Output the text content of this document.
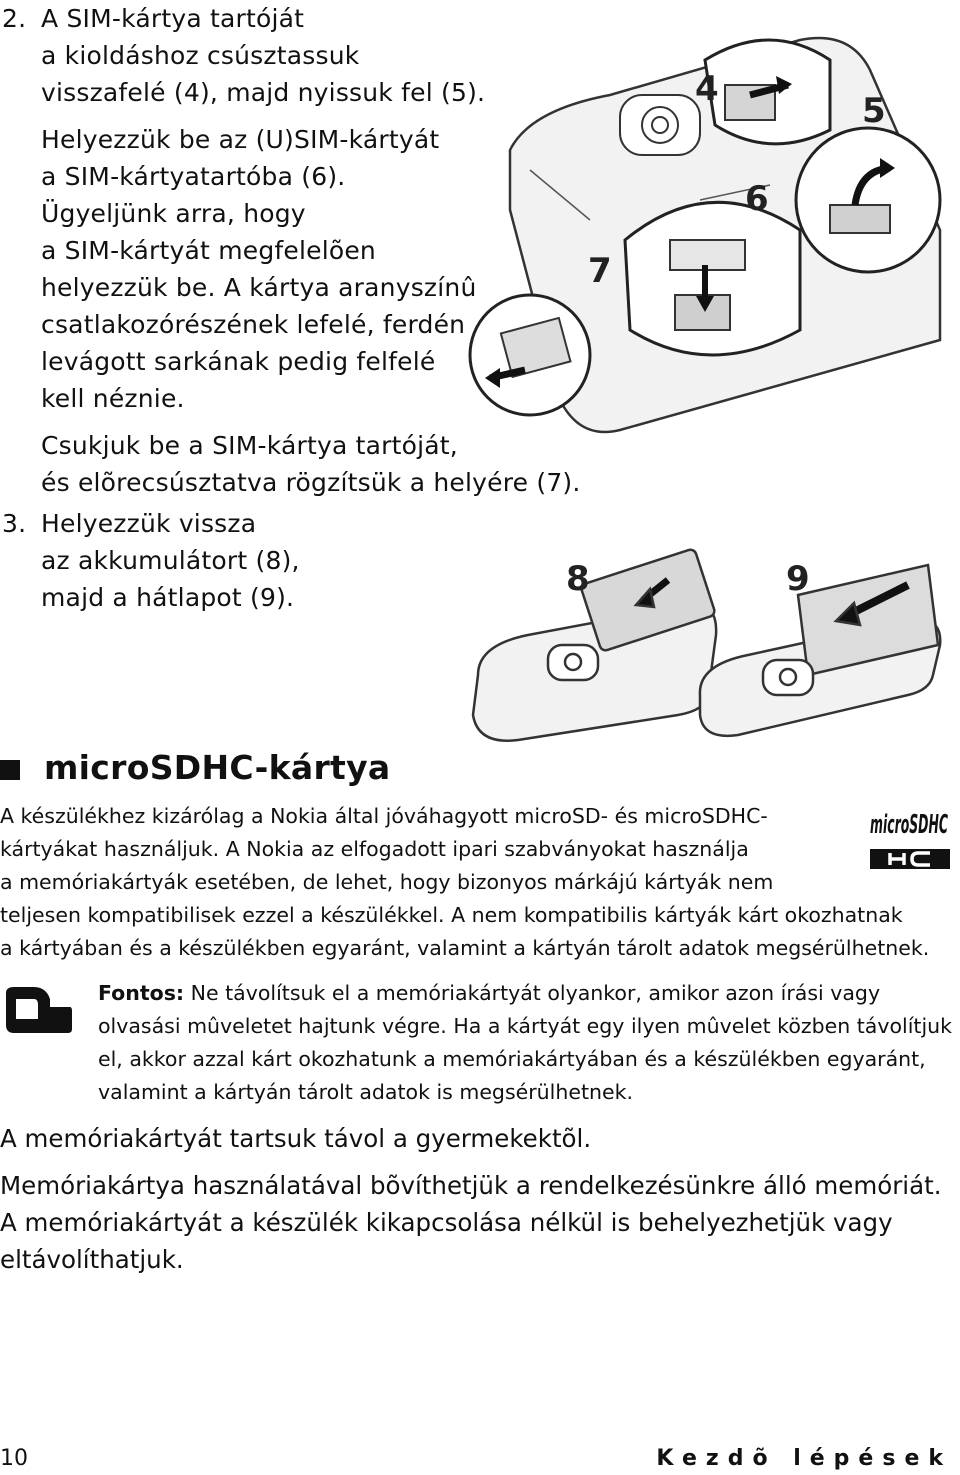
2. A SIM-kártya tartóját
a kioldáshoz csúsztassuk
visszafelé (4), majd nyissuk fel (5).
Helyezzük be az (U)SIM-kártyát
a SIM-kártyatartóba (6).
Ügyeljünk arra, hogy
a SIM-kártyát megfelelõen
helyezzük be. A kártya aranyszínû
csatlakozórészének lefelé, ferdén
levágott sarkának pedig felfelé
kell néznie.
Csukjuk be a SIM-kártya tartóját,
és elõrecsúsztatva rögzítsük a helyére (7).
3. Helyezzük vissza
az akkumulátort (8),
majd a hátlapot (9).
4
5
6
7
8	9
microSDHC-kártya
microSDHC
A készülékhez kizárólag a Nokia által jóváhagyott microSD- és microSDHC-
kártyákat használjuk. A Nokia az elfogadott ipari szabványokat használja
a memóriakártyák esetében, de lehet, hogy bizonyos márkájú kártyák nem
teljesen kompatibilisek ezzel a készülékkel. A nem kompatibilis kártyák kárt okozhatnak
a kártyában és a készülékben egyaránt, valamint a kártyán tárolt adatok megsérülhetnek.
Fontos: Ne távolítsuk el a memóriakártyát olyankor, amikor azon írási vagy
olvasási mûveletet hajtunk végre. Ha a kártyát egy ilyen mûvelet közben távolítjuk
el, akkor azzal kárt okozhatunk a memóriakártyában és a készülékben egyaránt,
valamint a kártyán tárolt adatok is megsérülhetnek.
A memóriakártyát tartsuk távol a gyermekektõl.
Memóriakártya használatával bõvíthetjük a rendelkezésünkre álló memóriát.
A memóriakártyát a készülék kikapcsolása nélkül is behelyezhetjük vagy
eltávolíthatjuk.
10	Kezdõ lépések
